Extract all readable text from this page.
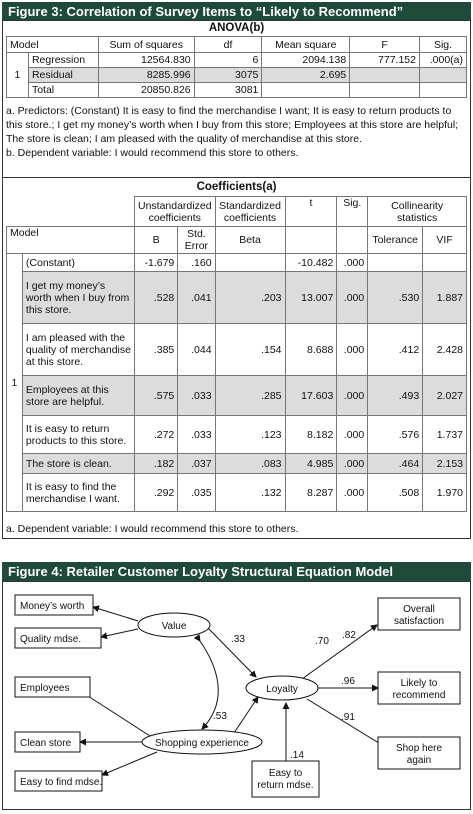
Figure 3: Correlation of Survey Items to “Likely to Recommend”
ANOVA(b)
Model		Sum of squares	df	Mean square	F	Sig.
1	Regression	12564.830	6	2094.138	777.152	.000(a)
	Residual	8285.996	3075	2.695		
	Total	20850.826	3081			
a. Predictors: (Constant) It is easy to find the merchandise I want; It is easy to return products to this store.; I get my money’s worth when I buy from this store; Employees at this store are helpful; The store is clean; I am pleased with the quality of merchandise at this store.
b. Dependent variable: I would recommend this store to others.
Coefficients(a)
		Unstandardized coefficients		Standardized coefficients	t	Sig.	Collinearity statistics	
Model		B	Std. Error	Beta			Tolerance	VIF
1	(Constant)	-1.679	.160		-10.482	.000		
	I get my money’s worth when I buy from this store.	.528	.041	.203	13.007	.000	.530	1.887
	I am pleased with the quality of merchandise at this store.	.385	.044	.154	8.688	.000	.412	2.428
	Employees at this store are helpful.	.575	.033	.285	17.603	.000	.493	2.027
	It is easy to return products to this store.	.272	.033	.123	8.182	.000	.576	1.737
	The store is clean.	.182	.037	.083	4.985	.000	.464	2.153
	It is easy to find the merchandise I want.	.292	.035	.132	8.287	.000	.508	1.970
a. Dependent variable: I would recommend this store to others.
Figure 4: Retailer Customer Loyalty Structural Equation Model
Money’s worth
Quality mdse.
Employees
Clean store
Easy to find mdse.
Value
Shopping experience
Loyalty
Easy to return mdse.
Overall satisfaction
Likely to recommend
Shop here again
.33
.53
.14
.70
.82
.96
.91
